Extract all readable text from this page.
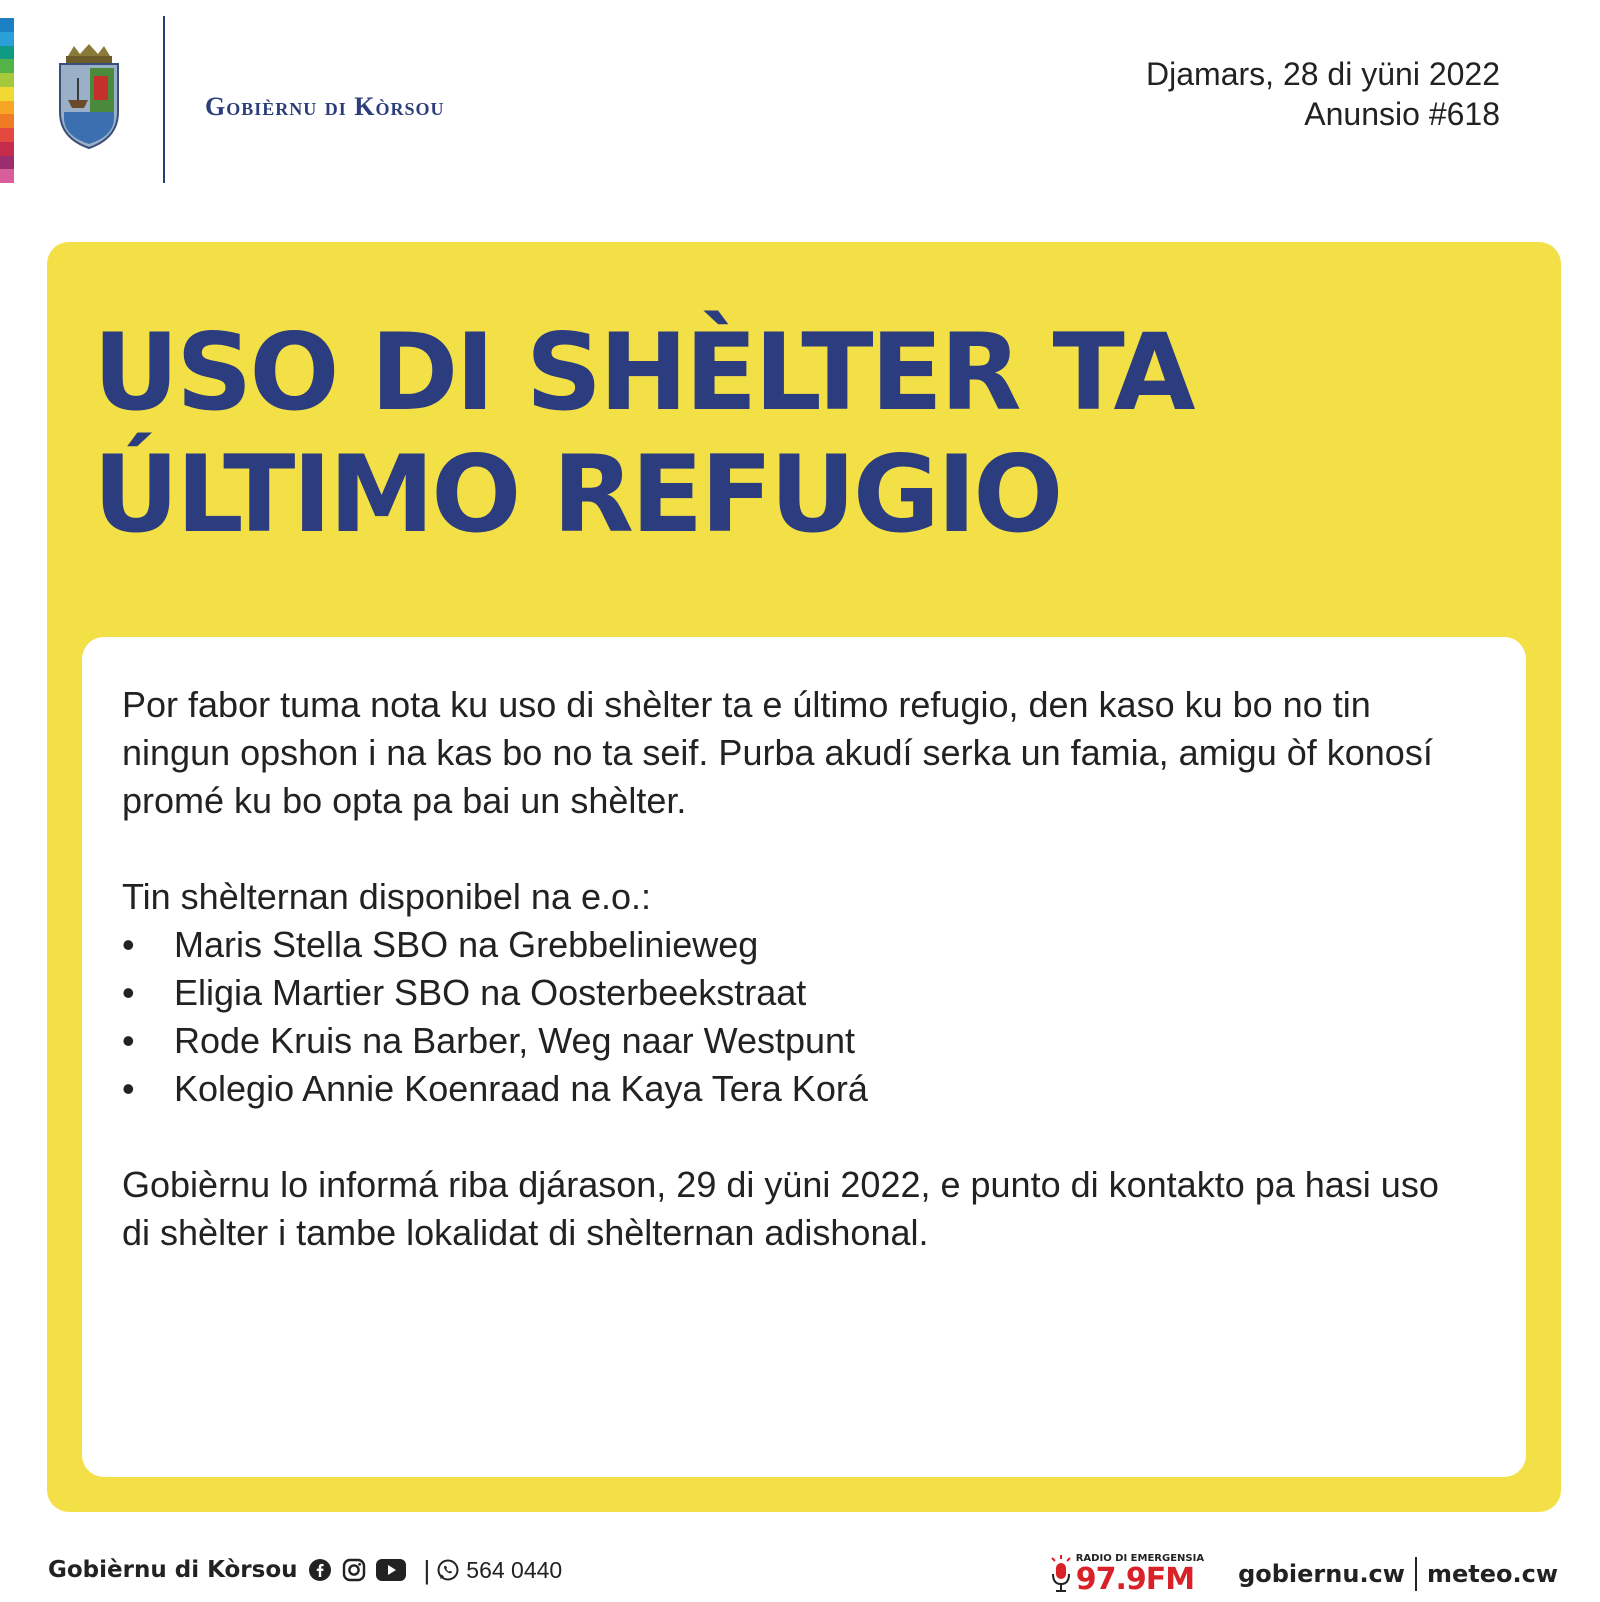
Gobièrnu di Kòrsou
Djamars, 28 di yüni 2022
Anunsio #618
USO DI SHÈLTER TA ÚLTIMO REFUGIO

Por fabor tuma nota ku uso di shèlter ta e último refugio, den kaso ku bo no tin ningun opshon i na kas bo no ta seif. Purba akudí serka un famia, amigu òf konosí promé ku bo opta pa bai un shèlter.

Tin shèlternan disponibel na e.o.:

• Maris Stella SBO na Grebbelinieweg
• Eligia Martier SBO na Oosterbeekstraat
• Rode Kruis na Barber, Weg naar Westpunt
• Kolegio Annie Koenraad na Kaya Tera Korá

Gobièrnu lo informá riba djárason, 29 di yüni 2022, e punto di kontakto pa hasi uso di shèlter i tambe lokalidat di shèlternan adishonal.

Gobièrnu di Kòrsou	| 564 0440	RADIO DI EMERGENSIA
97.9FM	gobiernu.cw meteo.cw
